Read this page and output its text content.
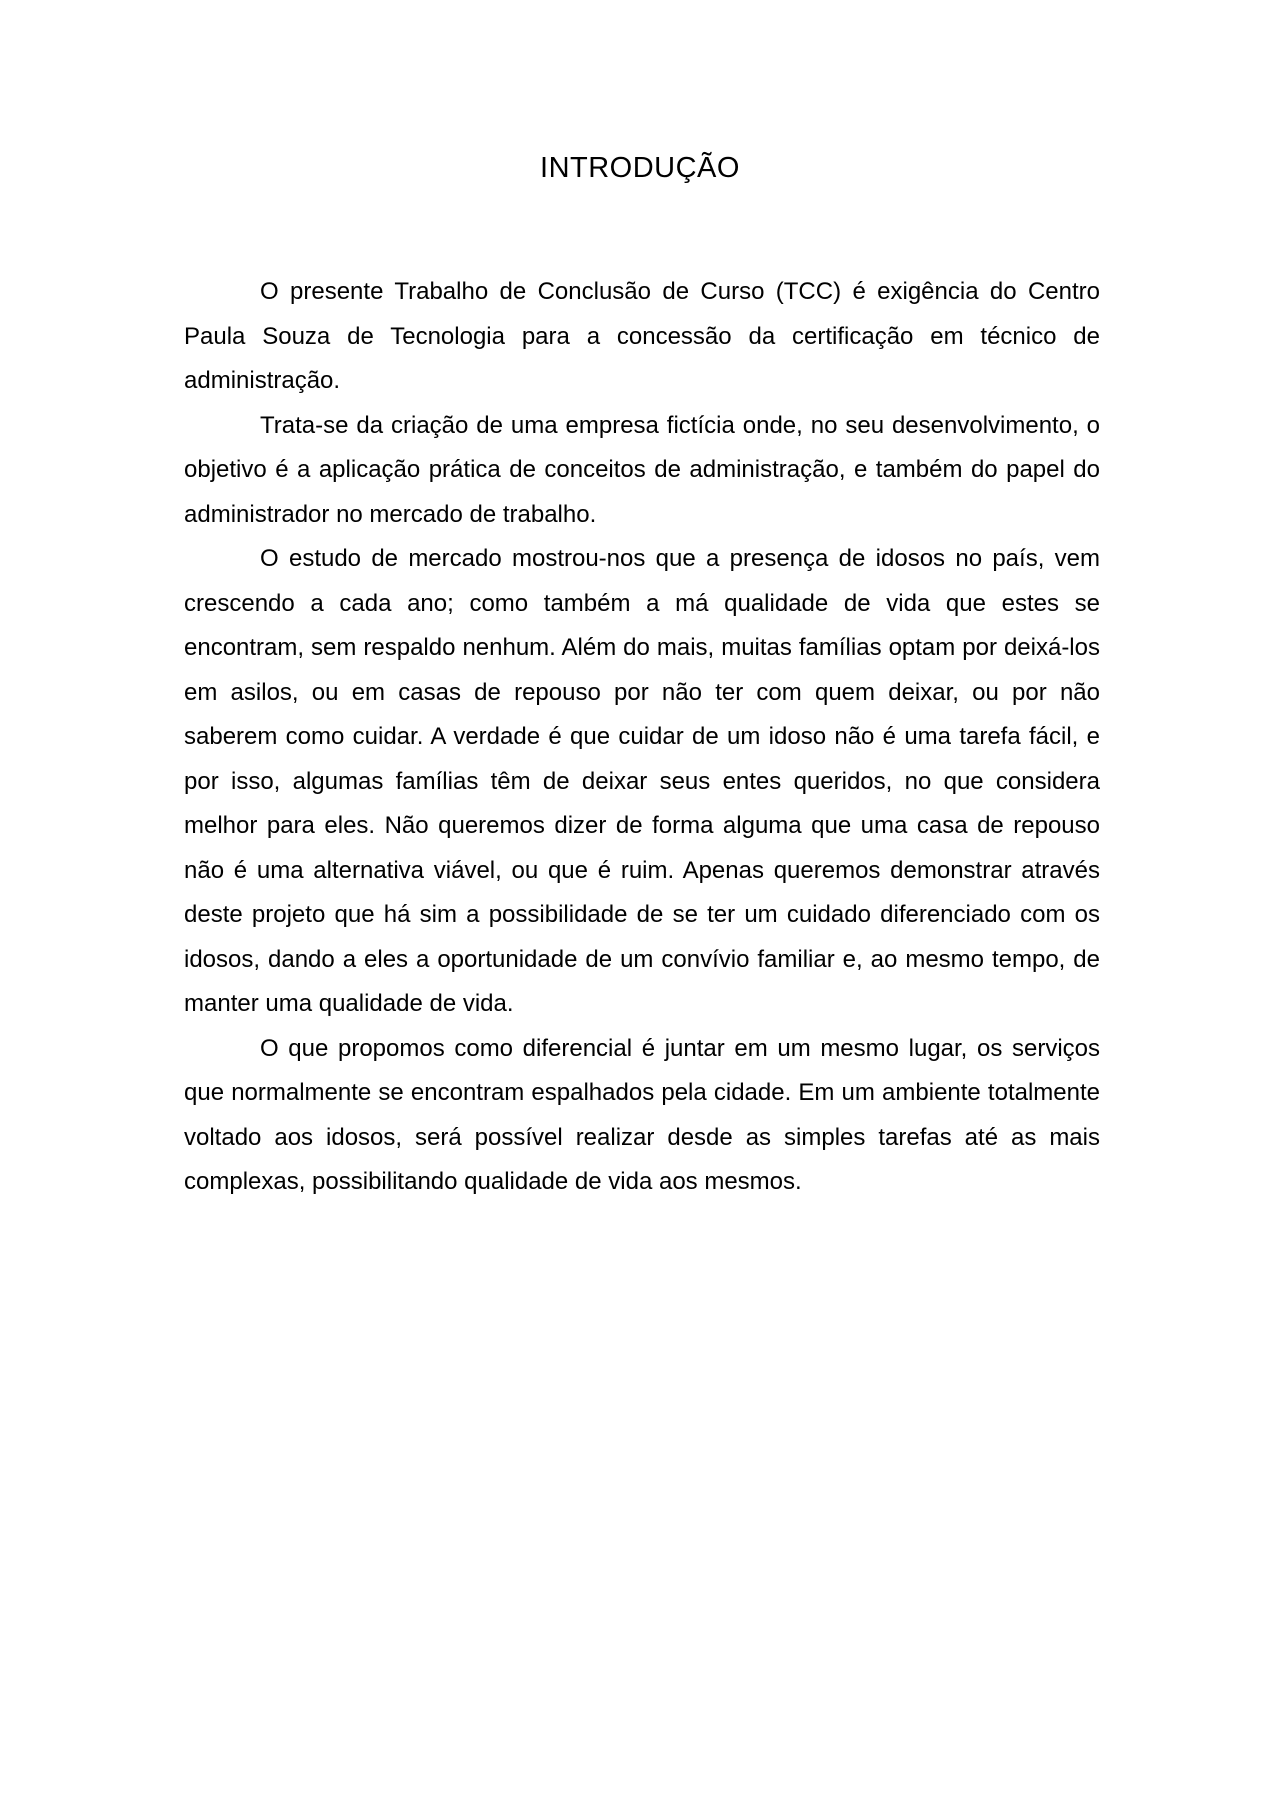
INTRODUÇÃO

O presente Trabalho de Conclusão de Curso (TCC) é exigência do Centro Paula Souza de Tecnologia para a concessão da certificação em técnico de administração.

Trata-se da criação de uma empresa fictícia onde, no seu desenvolvimento, o objetivo é a aplicação prática de conceitos de administração, e também do papel do administrador no mercado de trabalho.

O estudo de mercado mostrou-nos que a presença de idosos no país, vem crescendo a cada ano; como também a má qualidade de vida que estes se encontram, sem respaldo nenhum. Além do mais, muitas famílias optam por deixá-los em asilos, ou em casas de repouso por não ter com quem deixar, ou por não saberem como cuidar. A verdade é que cuidar de um idoso não é uma tarefa fácil, e por isso, algumas famílias têm de deixar seus entes queridos, no que considera melhor para eles. Não queremos dizer de forma alguma que uma casa de repouso não é uma alternativa viável, ou que é ruim. Apenas queremos demonstrar através deste projeto que há sim a possibilidade de se ter um cuidado diferenciado com os idosos, dando a eles a oportunidade de um convívio familiar e, ao mesmo tempo, de manter uma qualidade de vida.

O que propomos como diferencial é juntar em um mesmo lugar, os serviços que normalmente se encontram espalhados pela cidade. Em um ambiente totalmente voltado aos idosos, será possível realizar desde as simples tarefas até as mais complexas, possibilitando qualidade de vida aos mesmos.
